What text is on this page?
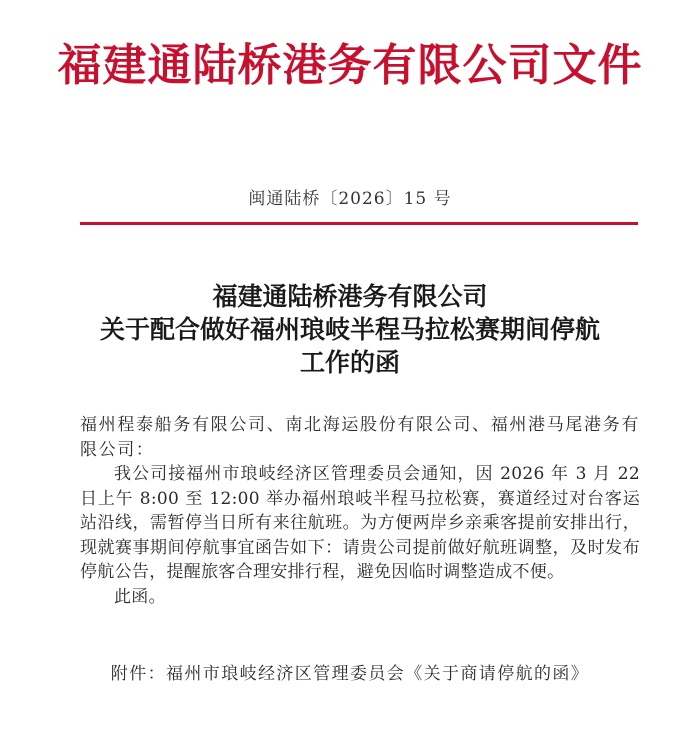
福建通陆桥港务有限公司文件
闽通陆桥〔2026〕15 号
福建通陆桥港务有限公司
关于配合做好福州琅岐半程马拉松赛期间停航
工作的函

福州程泰船务有限公司、南北海运股份有限公司、福州港马尾港务有限公司：

我公司接福州市琅岐经济区管理委员会通知，因 2026 年 3 月 22 日上午 8:00 至 12:00 举办福州琅岐半程马拉松赛，赛道经过对台客运站沿线，需暂停当日所有来往航班。为方便两岸乡亲乘客提前安排出行，现就赛事期间停航事宜函告如下：请贵公司提前做好航班调整，及时发布停航公告，提醒旅客合理安排行程，避免因临时调整造成不便。

此函。

附件：福州市琅岐经济区管理委员会《关于商请停航的函》
